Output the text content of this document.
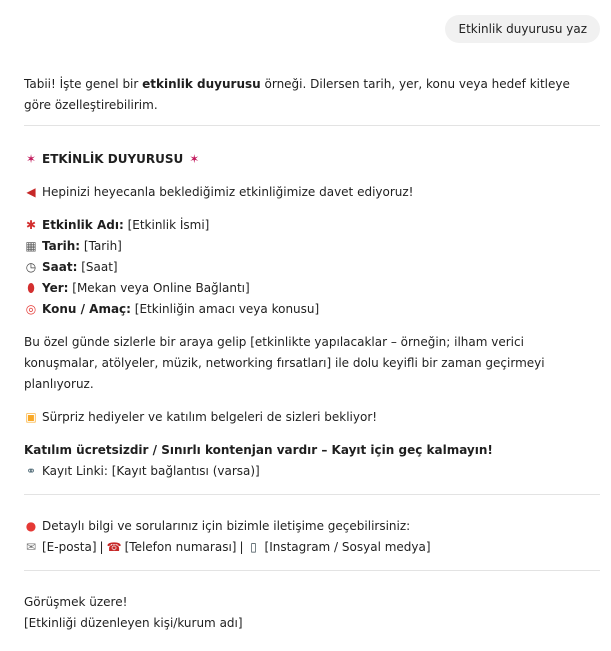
Etkinlik duyurusu yaz
Tabii! İşte genel bir etkinlik duyurusu örneği. Dilersen tarih, yer, konu veya hedef kitleye göre özelleştirebilirim.
✶ ETKİNLİK DUYURUSU ✶
◀ Hepinizi heyecanla beklediğimiz etkinliğimize davet ediyoruz!
✱ Etkinlik Adı: [Etkinlik İsmi]
▦ Tarih: [Tarih]
◷ Saat: [Saat]
⬮ Yer: [Mekan veya Online Bağlantı]
◎ Konu / Amaç: [Etkinliğin amacı veya konusu]
Bu özel günde sizlerle bir araya gelip [etkinlikte yapılacaklar – örneğin; ilham verici konuşmalar, atölyeler, müzik, networking fırsatları] ile dolu keyifli bir zaman geçirmeyi planlıyoruz.
▣ Sürpriz hediyeler ve katılım belgeleri de sizleri bekliyor!
Katılım ücretsizdir / Sınırlı kontenjan vardır – Kayıt için geç kalmayın!
⚭ Kayıt Linki: [Kayıt bağlantısı (varsa)]
● Detaylı bilgi ve sorularınız için bizimle iletişime geçebilirsiniz:
✉ [E-posta] | ☎ [Telefon numarası] | ▯ [Instagram / Sosyal medya]
Görüşmek üzere!
[Etkinliği düzenleyen kişi/kurum adı]
